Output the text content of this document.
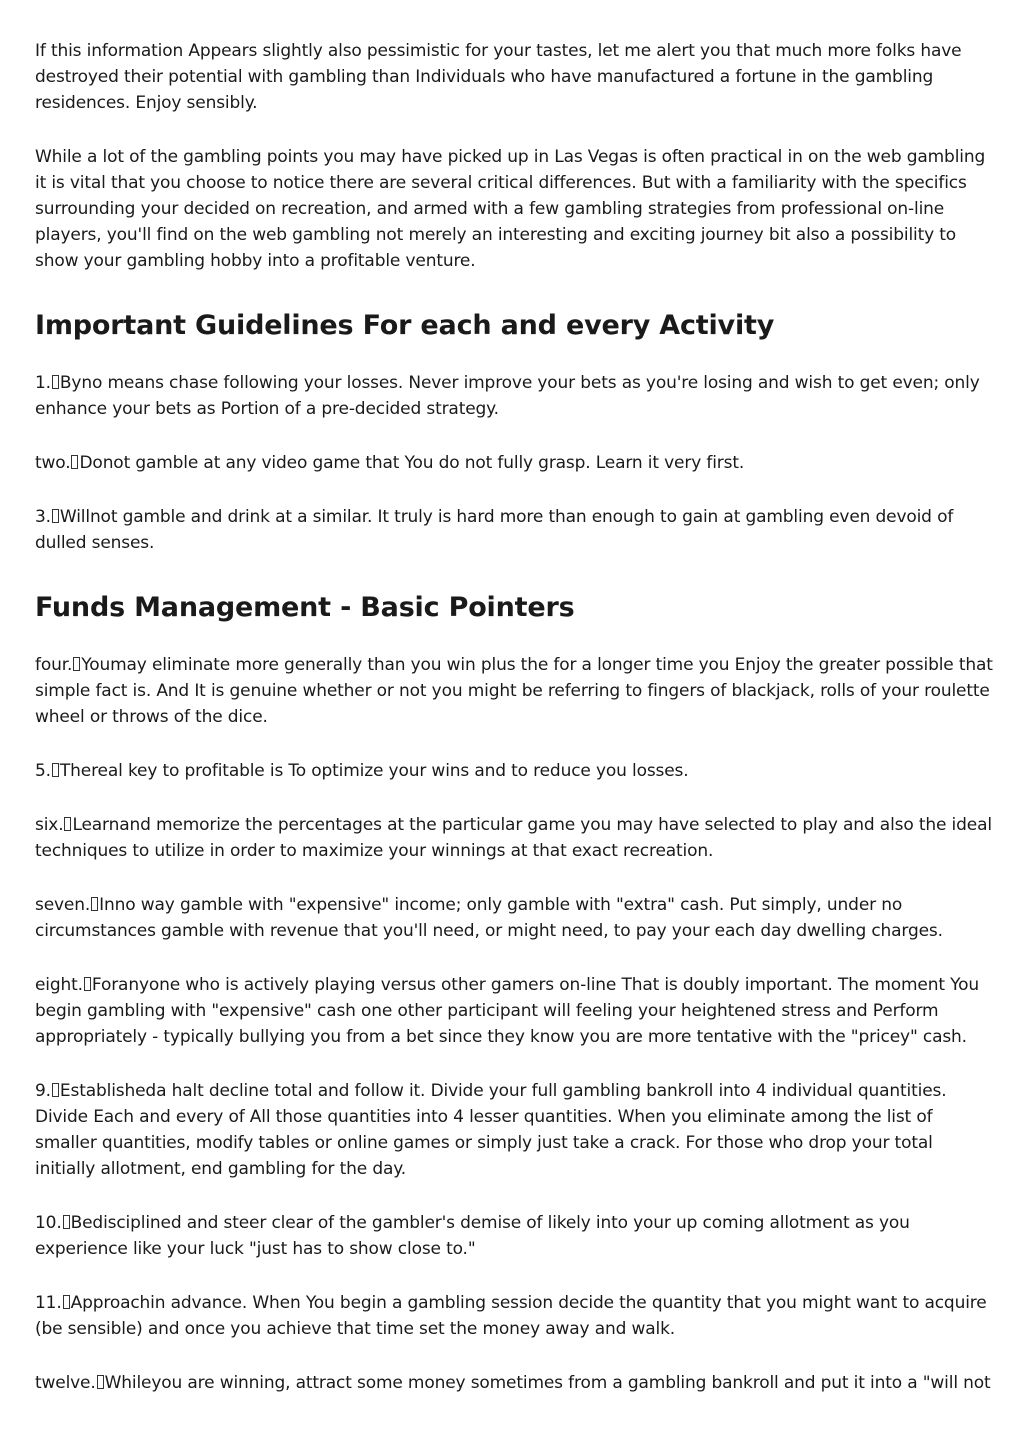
If this information Appears slightly also pessimistic for your tastes, let me alert you that much more folks have destroyed their potential with gambling than Individuals who have manufactured a fortune in the gambling residences. Enjoy sensibly.

While a lot of the gambling points you may have picked up in Las Vegas is often practical in on the web gambling it is vital that you choose to notice there are several critical differences. But with a familiarity with the specifics surrounding your decided on recreation, and armed with a few gambling strategies from professional on-line players, you'll find on the web gambling not merely an interesting and exciting journey bit also a possibility to show your gambling hobby into a profitable venture.

Important Guidelines For each and every Activity

1. Byno means chase following your losses. Never improve your bets as you're losing and wish to get even; only enhance your bets as Portion of a pre-decided strategy.

two. Donot gamble at any video game that You do not fully grasp. Learn it very first.

3. Willnot gamble and drink at a similar. It truly is hard more than enough to gain at gambling even devoid of dulled senses.

Funds Management - Basic Pointers

four. Youmay eliminate more generally than you win plus the for a longer time you Enjoy the greater possible that simple fact is. And It is genuine whether or not you might be referring to fingers of blackjack, rolls of your roulette wheel or throws of the dice.

5. Thereal key to profitable is To optimize your wins and to reduce you losses.

six. Learnand memorize the percentages at the particular game you may have selected to play and also the ideal techniques to utilize in order to maximize your winnings at that exact recreation.

seven. Inno way gamble with "expensive" income; only gamble with "extra" cash. Put simply, under no circumstances gamble with revenue that you'll need, or might need, to pay your each day dwelling charges.

eight. Foranyone who is actively playing versus other gamers on-line That is doubly important. The moment You begin gambling with "expensive" cash one other participant will feeling your heightened stress and Perform appropriately - typically bullying you from a bet since they know you are more tentative with the "pricey" cash.

9. Establisheda halt decline total and follow it. Divide your full gambling bankroll into 4 individual quantities. Divide Each and every of All those quantities into 4 lesser quantities. When you eliminate among the list of smaller quantities, modify tables or online games or simply just take a crack. For those who drop your total initially allotment, end gambling for the day.

10. Bedisciplined and steer clear of the gambler's demise of likely into your up coming allotment as you experience like your luck "just has to show close to."

11. Approachin advance. When You begin a gambling session decide the quantity that you might want to acquire (be sensible) and once you achieve that time set the money away and walk.

twelve. Whileyou are winning, attract some money sometimes from a gambling bankroll and put it into a "will not
